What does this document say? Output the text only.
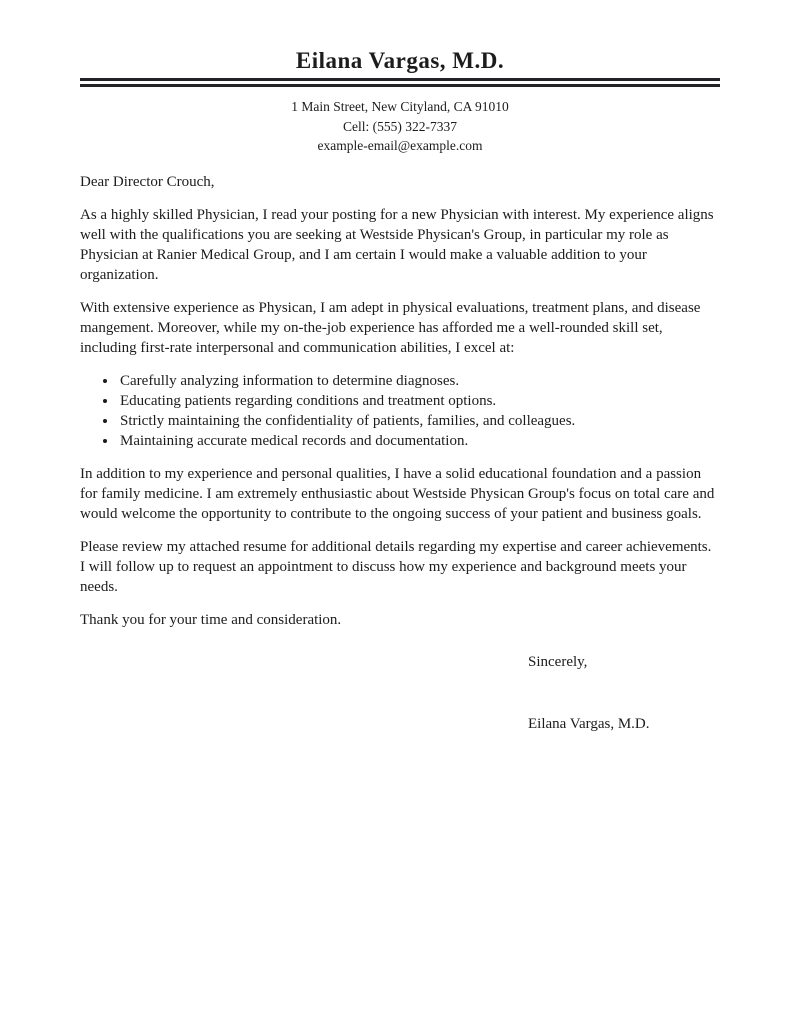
Eilana Vargas, M.D.
1 Main Street, New Cityland, CA 91010
Cell: (555) 322-7337
example-email@example.com
Dear Director Crouch,

As a highly skilled Physician, I read your posting for a new Physician with interest. My experience aligns well with the qualifications you are seeking at Westside Physican's Group, in particular my role as Physician at Ranier Medical Group, and I am certain I would make a valuable addition to your organization.

With extensive experience as Physican, I am adept in physical evaluations, treatment plans, and disease mangement. Moreover, while my on-the-job experience has afforded me a well-rounded skill set, including first-rate interpersonal and communication abilities, I excel at:

• Carefully analyzing information to determine diagnoses.
• Educating patients regarding conditions and treatment options.
• Strictly maintaining the confidentiality of patients, families, and colleagues.
• Maintaining accurate medical records and documentation.

In addition to my experience and personal qualities, I have a solid educational foundation and a passion for family medicine. I am extremely enthusiastic about Westside Physican Group's focus on total care and would welcome the opportunity to contribute to the ongoing success of your patient and business goals.

Please review my attached resume for additional details regarding my expertise and career achievements. I will follow up to request an appointment to discuss how my experience and background meets your needs.

Thank you for your time and consideration.
Sincerely,
Eilana Vargas, M.D.
